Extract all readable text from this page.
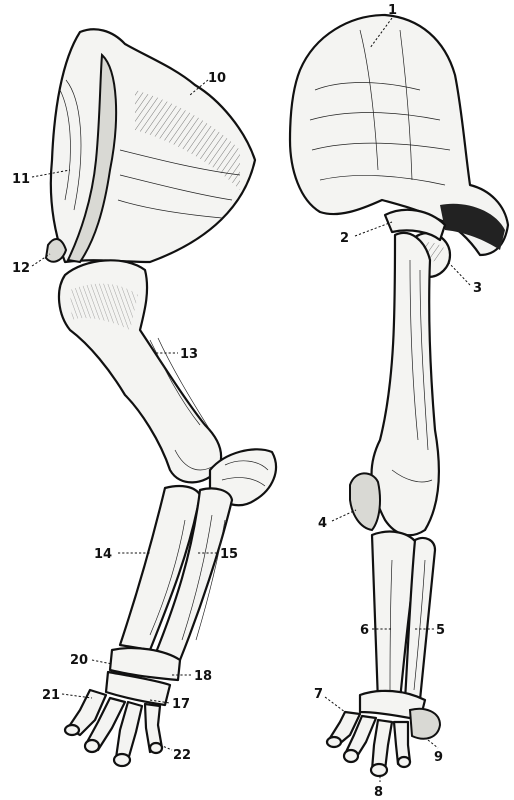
1
2
3
4
5
6
7
8
9
10
11
12
13
14	15
17
18
20
21
22
